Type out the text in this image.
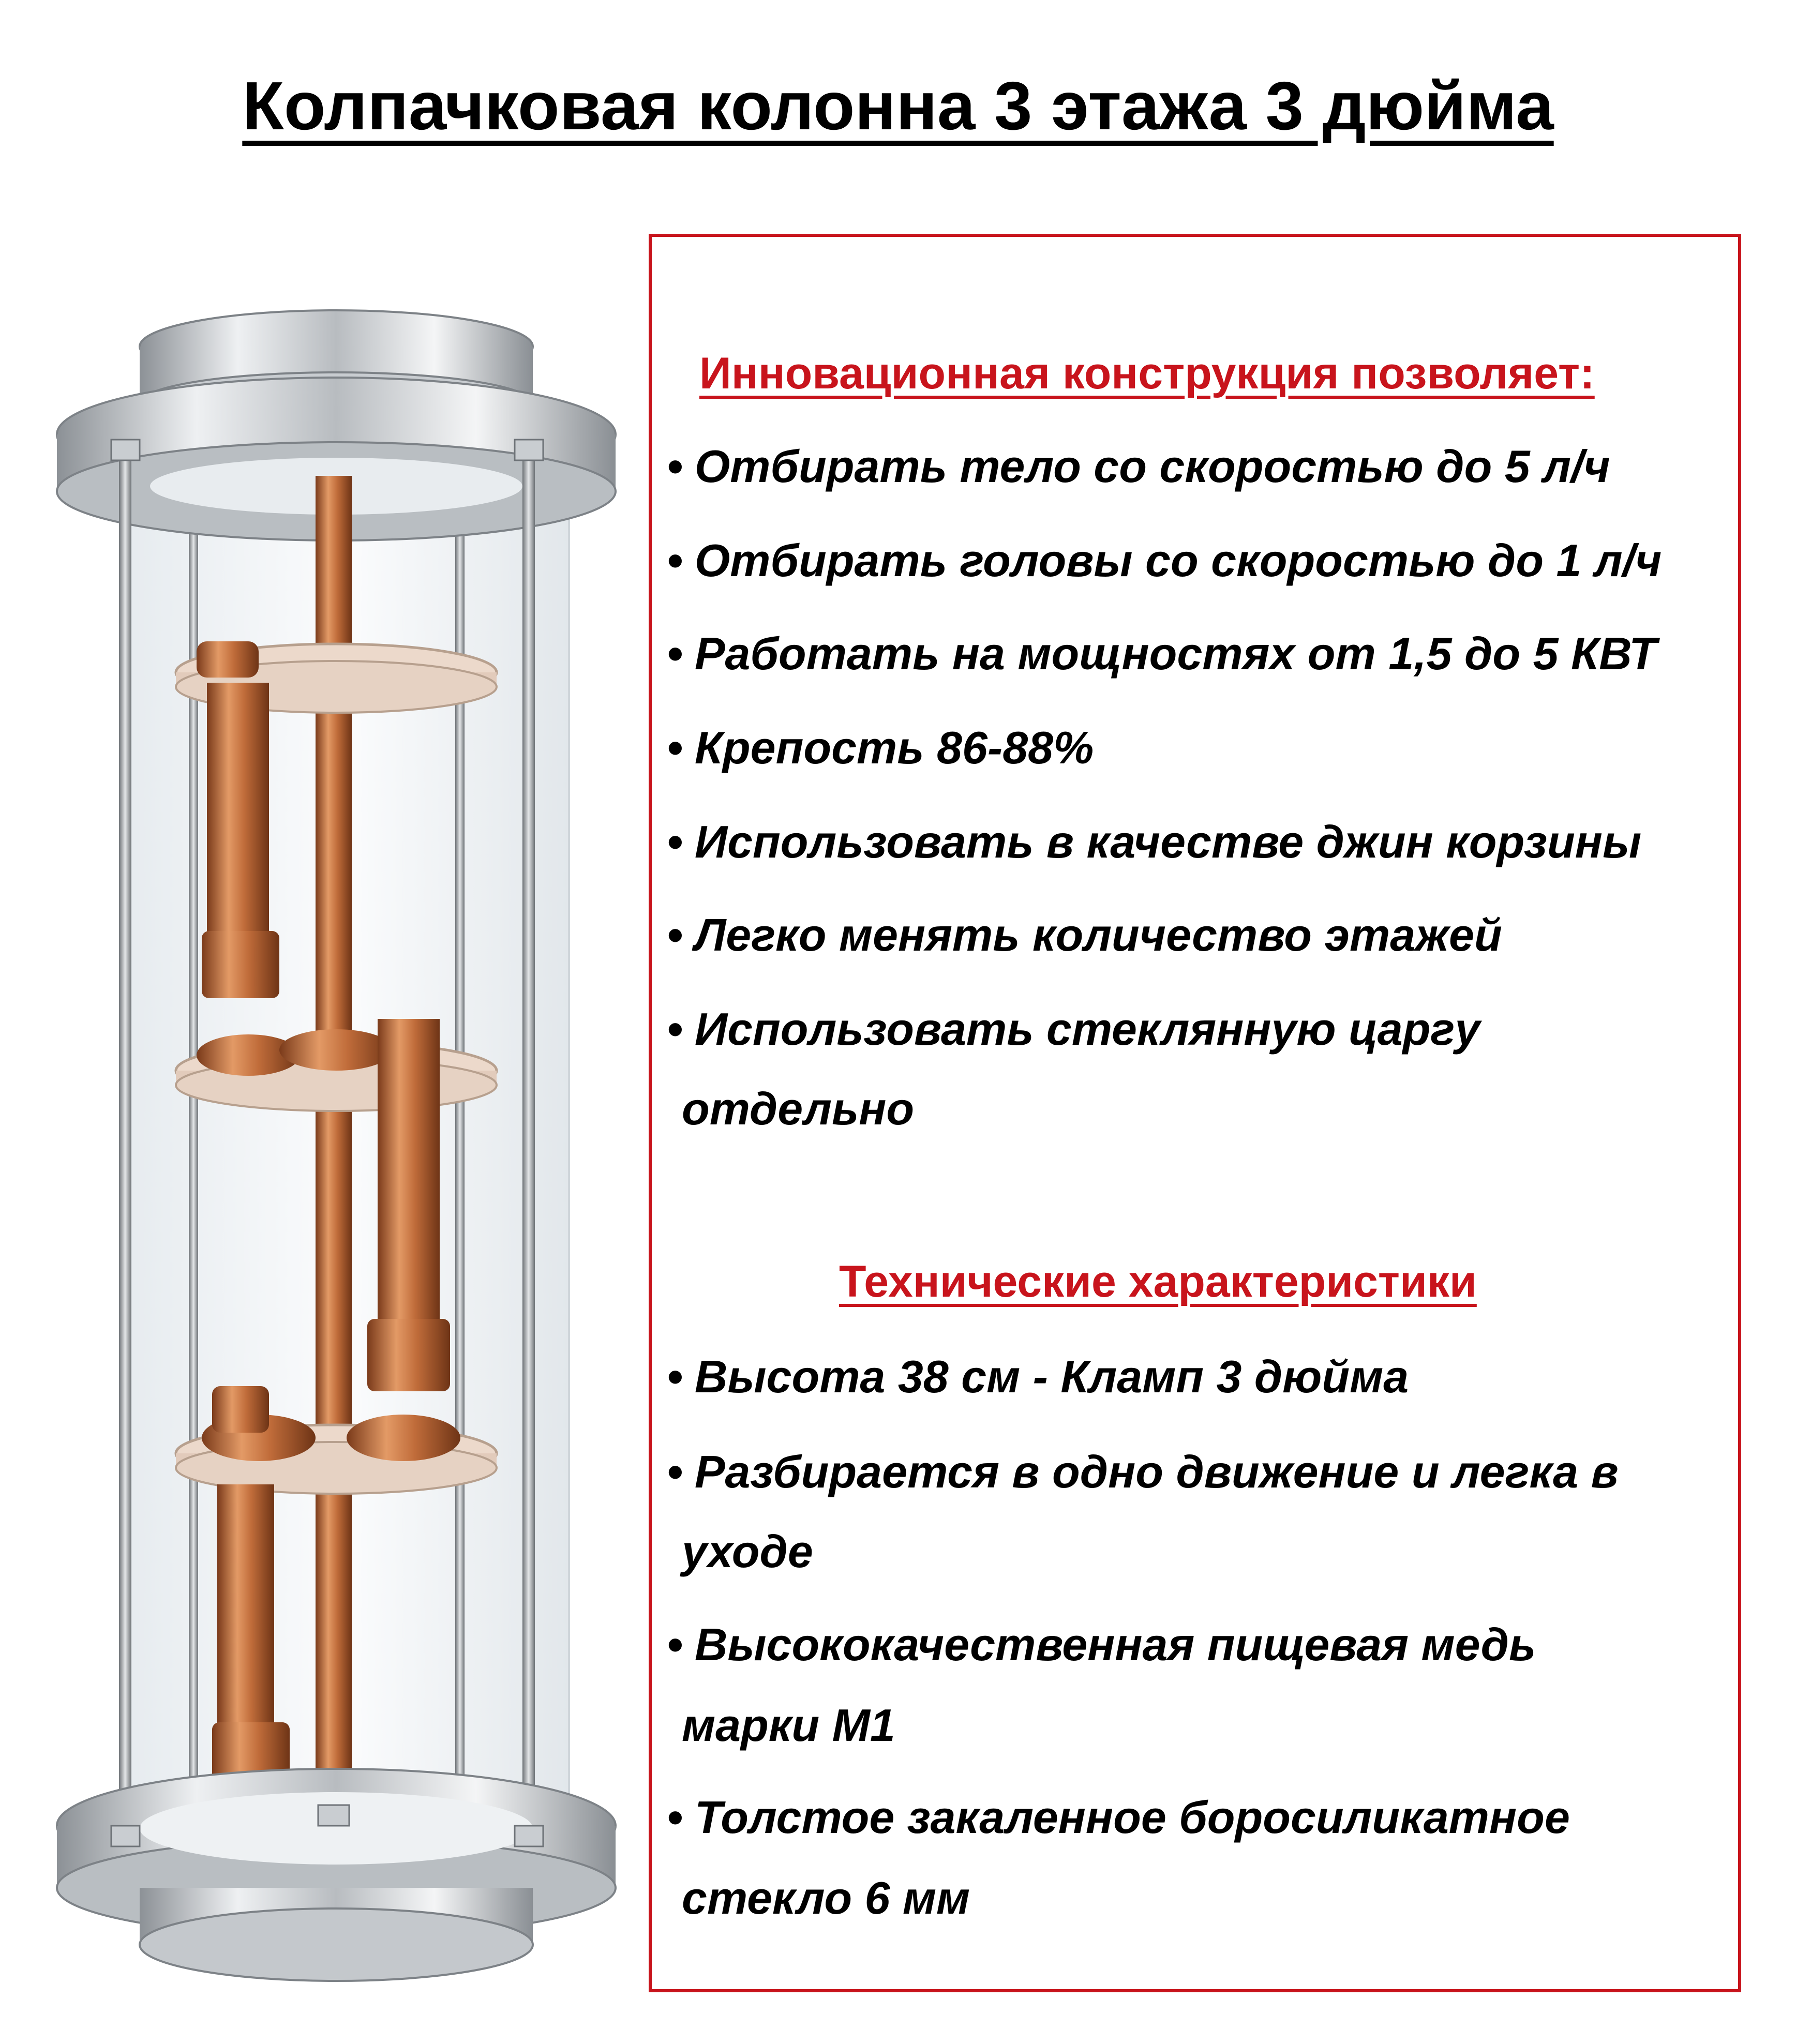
Колпачковая колонна 3 этажа 3 дюйма
Инновационная конструкция позволяет:

• Отбирать тело со скоростью до 5 л/ч

• Отбирать головы со скоростью до 1 л/ч

• Работать на мощностях от 1,5 до 5 КВТ

• Крепость 86-88%

• Использовать в качестве джин корзины

• Легко менять количество этажей

• Использовать стеклянную царгу

отдельно

Технические характеристики

• Высота 38 см - Кламп 3 дюйма

• Разбирается в одно движение и легка в

уходе

• Высококачественная пищевая медь

марки М1

• Толстое закаленное боросиликатное

стекло 6 мм
